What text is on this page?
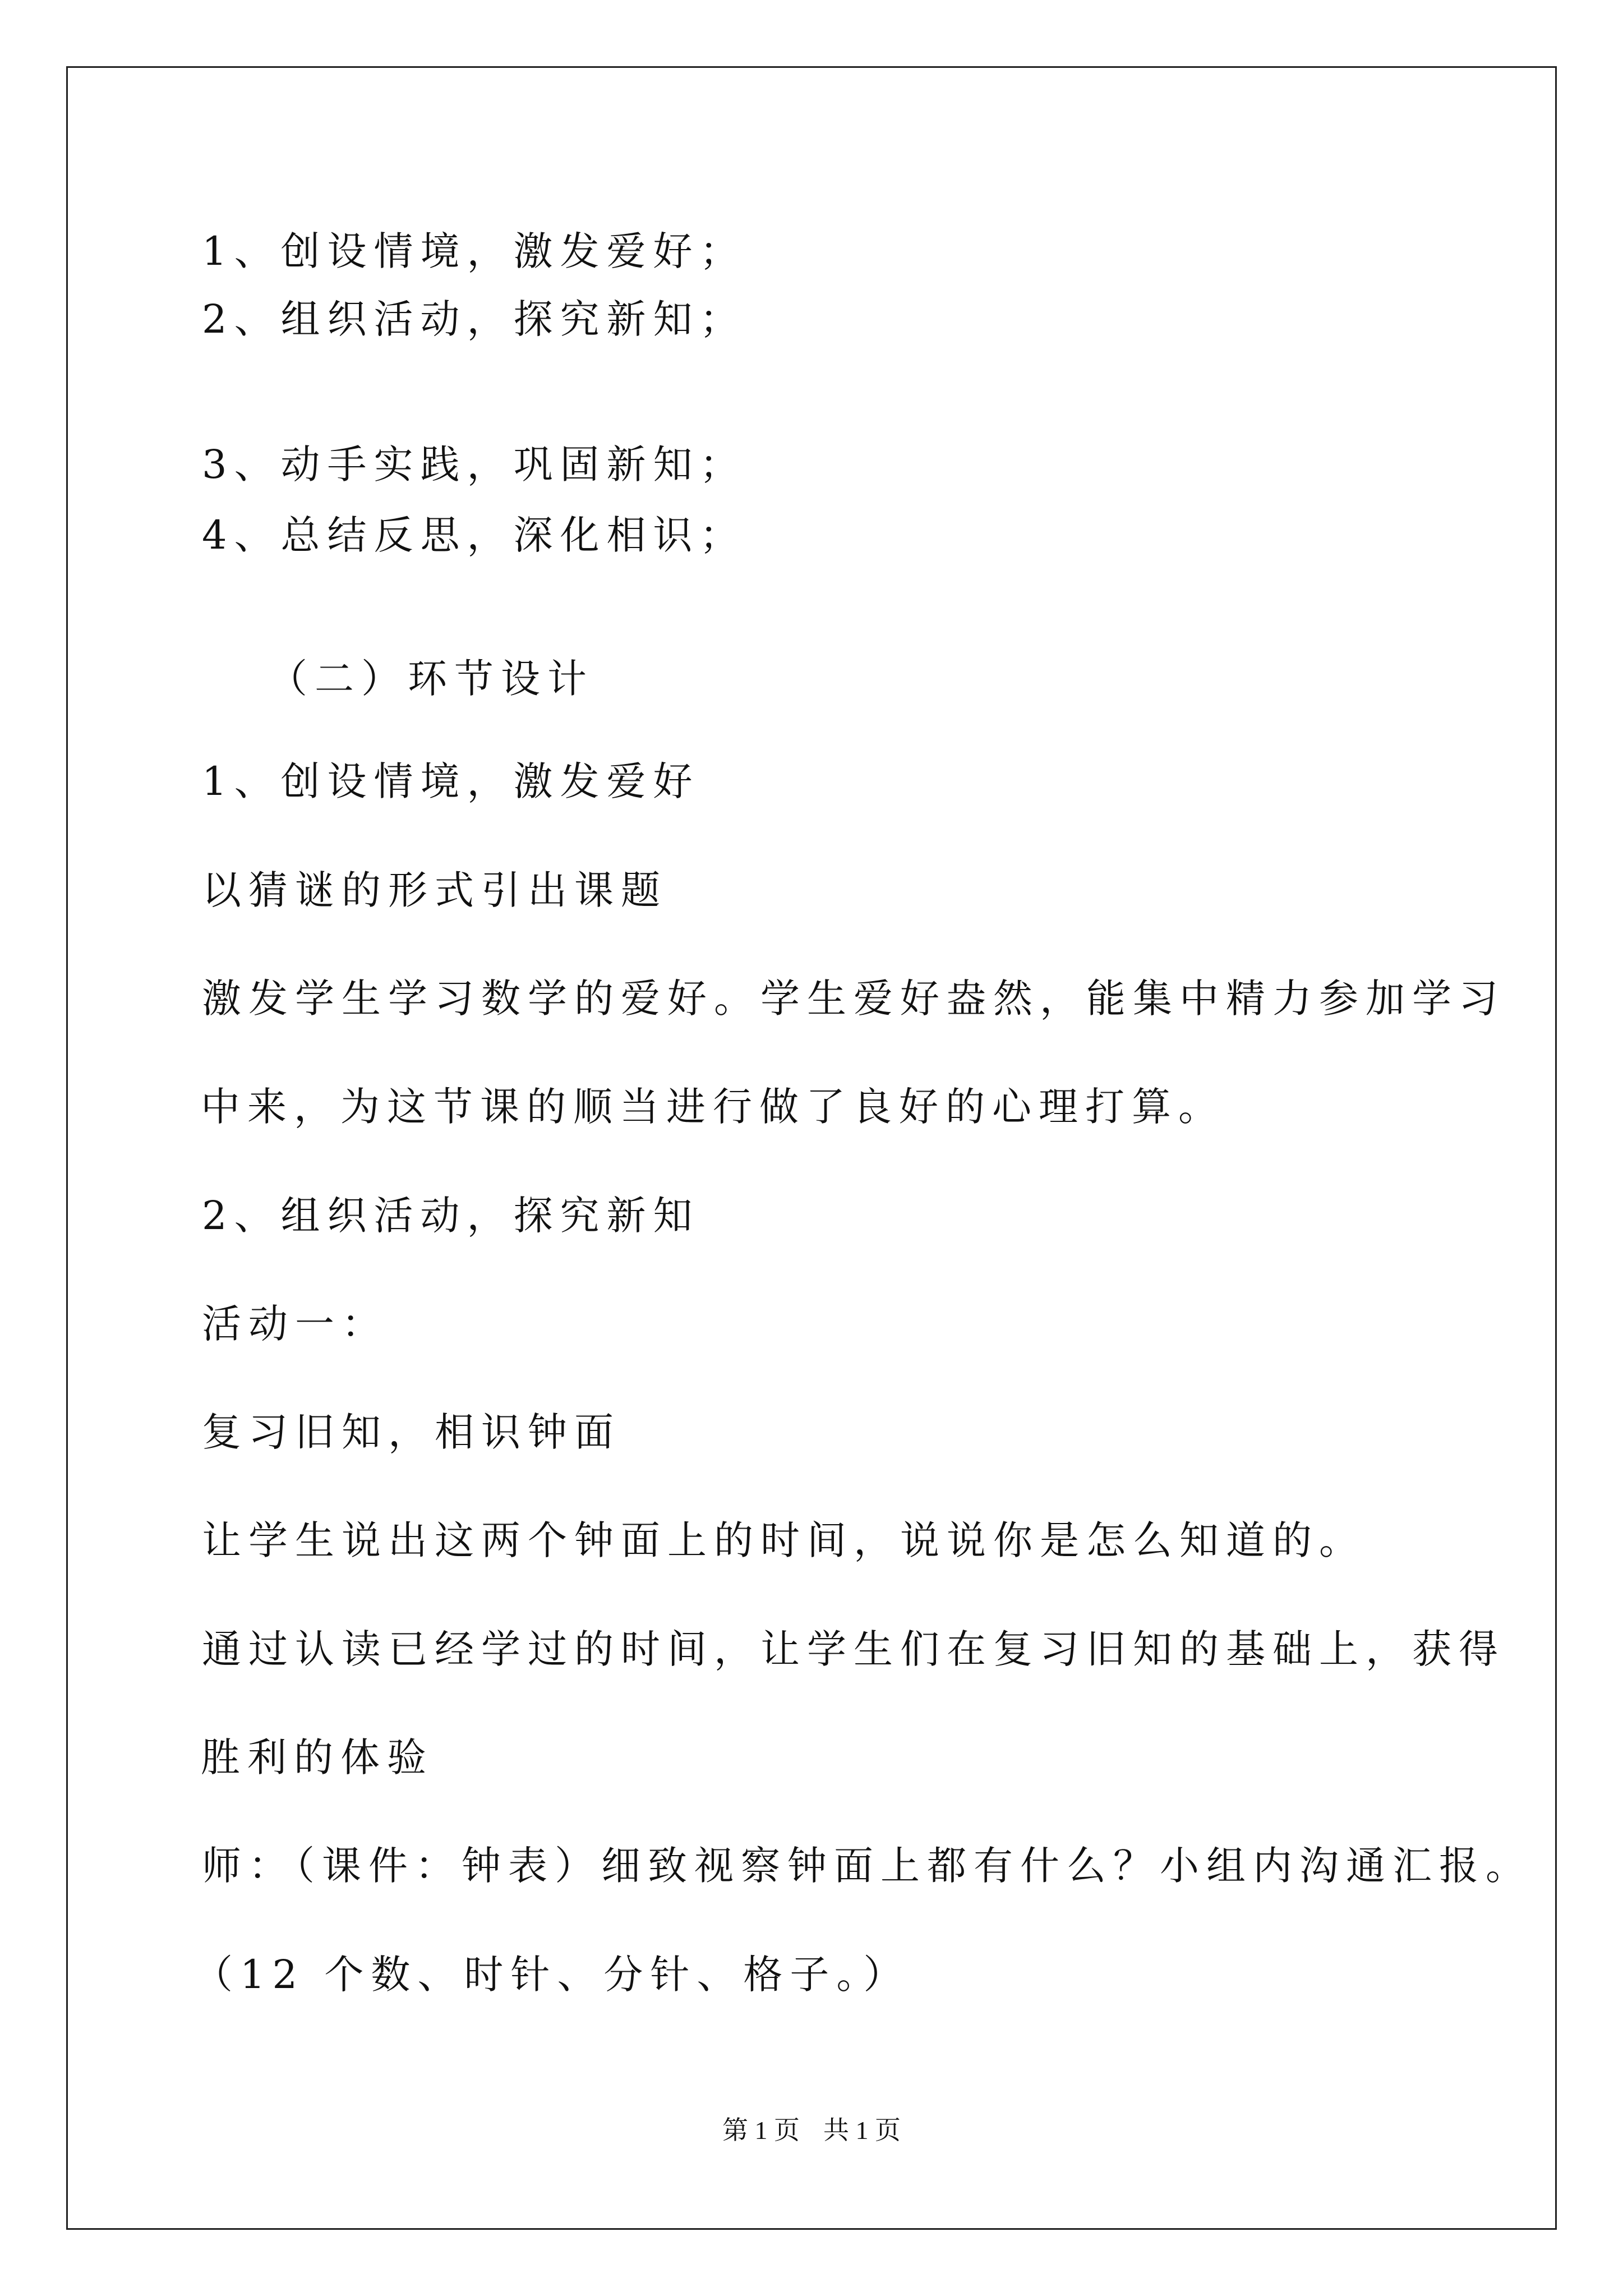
1、创设情境，激发爱好；
2、组织活动，探究新知；
3、动手实践，巩固新知；
4、总结反思，深化相识；
（二）环节设计
1、创设情境，激发爱好
以猜谜的形式引出课题
激发学生学习数学的爱好。学生爱好盎然，能集中精力参加学习
中来，为这节课的顺当进行做了良好的心理打算。
2、组织活动，探究新知
活动一：
复习旧知，相识钟面
让学生说出这两个钟面上的时间，说说你是怎么知道的。
通过认读已经学过的时间，让学生们在复习旧知的基础上，获得
胜利的体验
师：（课件：钟表）细致视察钟面上都有什么？小组内沟通汇报。
（12 个数、时针、分针、格子。）
第 1 页 共 1 页
